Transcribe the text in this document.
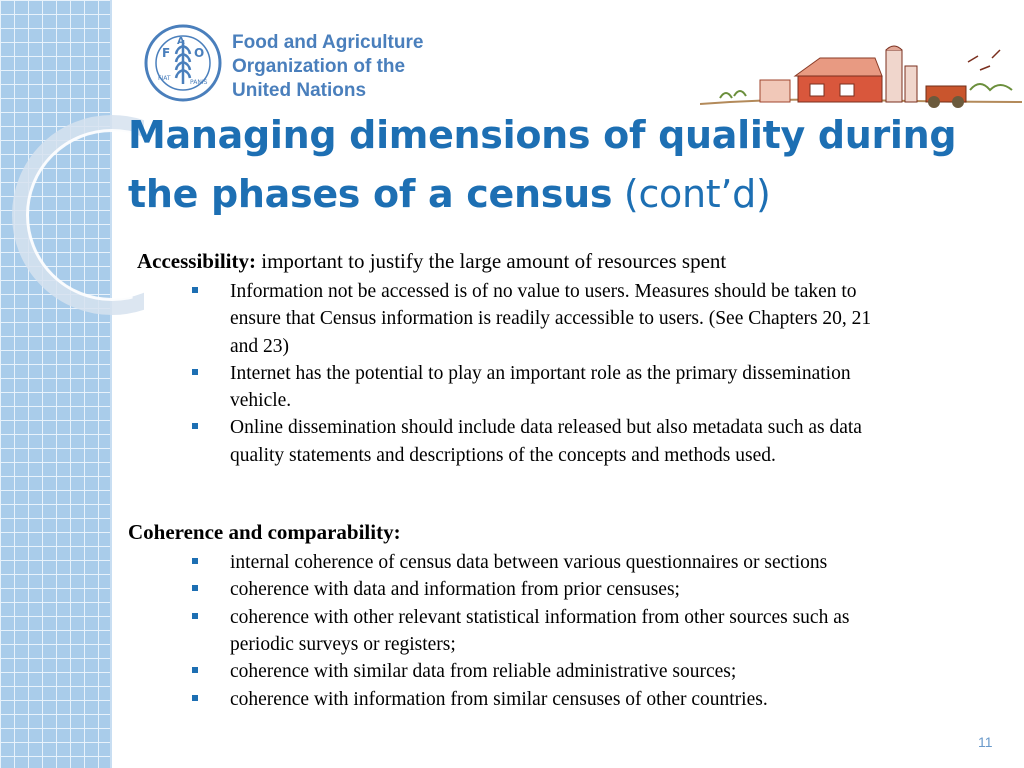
F
A
O
FIAT
PANIS
Food and Agriculture
Organization of the
United Nations
Managing dimensions of quality during
the phases of a census (cont’d)
Accessibility: important to justify the large amount of resources spent
Information not be accessed is of no value to users. Measures should be taken to ensure that Census information is readily accessible to users. (See Chapters 20, 21 and 23)
Internet has the potential to play an important role as the primary dissemination vehicle.
Online dissemination should include data released but also metadata such as data quality statements and descriptions of the concepts and methods used.
Coherence and comparability:
internal coherence of census data between various questionnaires or sections
coherence with data and information from prior censuses;
coherence with other relevant statistical information from other sources such as periodic surveys or registers;
coherence with similar data from reliable administrative sources;
coherence with information from similar censuses of other countries.
11
